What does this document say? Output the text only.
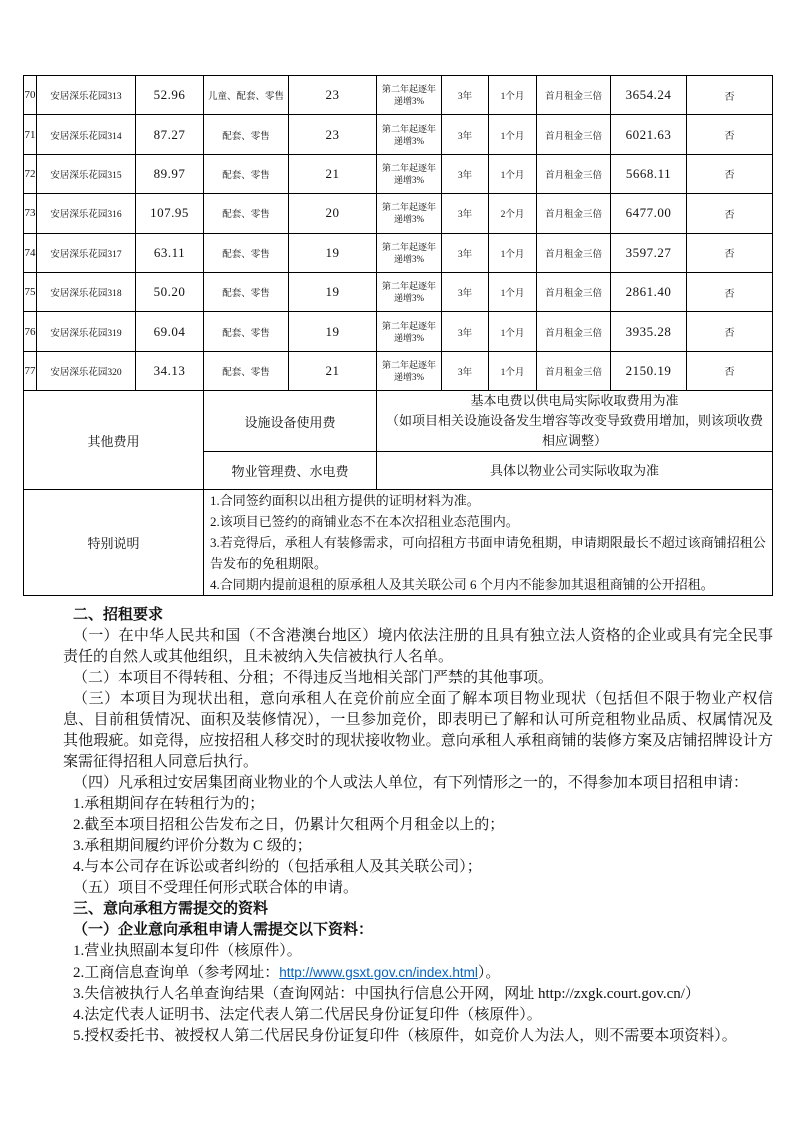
70	安居深乐花园313	52.96	儿童、配套、零售	23	第二年起逐年递增3%	3年	1个月	首月租金三倍	3654.24	否
71	安居深乐花园314	87.27	配套、零售	23	第二年起逐年递增3%	3年	1个月	首月租金三倍	6021.63	否
72	安居深乐花园315	89.97	配套、零售	21	第二年起逐年递增3%	3年	1个月	首月租金三倍	5668.11	否
73	安居深乐花园316	107.95	配套、零售	20	第二年起逐年递增3%	3年	2个月	首月租金三倍	6477.00	否
74	安居深乐花园317	63.11	配套、零售	19	第二年起逐年递增3%	3年	1个月	首月租金三倍	3597.27	否
75	安居深乐花园318	50.20	配套、零售	19	第二年起逐年递增3%	3年	1个月	首月租金三倍	2861.40	否
76	安居深乐花园319	69.04	配套、零售	19	第二年起逐年递增3%	3年	1个月	首月租金三倍	3935.28	否
77	安居深乐花园320	34.13	配套、零售	21	第二年起逐年递增3%	3年	1个月	首月租金三倍	2150.19	否
其他费用			设施设备使用费		基本电费以供电局实际收取费用为准
（如项目相关设施设备发生增容等改变导致费用增加，则该项收费相应调整）					

			物业管理费、水电费		具体以物业公司实际收取为准					
特别说明			1.合同签约面积以出租方提供的证明材料为准。
2.该项目已签约的商铺业态不在本次招租业态范围内。
3.若竞得后，承租人有装修需求，可向招租方书面申请免租期，申请期限最长不超过该商铺招租公告发布的免租期限。
4.合同期内提前退租的原承租人及其关联公司 6 个月内不能参加其退租商铺的公开招租。							

二、招租要求

（一）在中华人民共和国（不含港澳台地区）境内依法注册的且具有独立法人资格的企业或具有完全民事责任的自然人或其他组织，且未被纳入失信被执行人名单。

（二）本项目不得转租、分租；不得违反当地相关部门严禁的其他事项。

（三）本项目为现状出租，意向承租人在竞价前应全面了解本项目物业现状（包括但不限于物业产权信息、目前租赁情况、面积及装修情况），一旦参加竞价，即表明已了解和认可所竞租物业品质、权属情况及其他瑕疵。如竞得，应按招租人移交时的现状接收物业。意向承租人承租商铺的装修方案及店铺招牌设计方案需征得招租人同意后执行。

（四）凡承租过安居集团商业物业的个人或法人单位，有下列情形之一的，不得参加本项目招租申请：

1.承租期间存在转租行为的；

2.截至本项目招租公告发布之日，仍累计欠租两个月租金以上的；

3.承租期间履约评价分数为 C 级的；

4.与本公司存在诉讼或者纠纷的（包括承租人及其关联公司）；

（五）项目不受理任何形式联合体的申请。

三、意向承租方需提交的资料

（一）企业意向承租申请人需提交以下资料：

1.营业执照副本复印件（核原件）。

2.工商信息查询单（参考网址：http://www.gsxt.gov.cn/index.html）。

3.失信被执行人名单查询结果（查询网站：中国执行信息公开网，网址 http://zxgk.court.gov.cn/）

4.法定代表人证明书、法定代表人第二代居民身份证复印件（核原件）。

5.授权委托书、被授权人第二代居民身份证复印件（核原件，如竞价人为法人，则不需要本项资料）。
